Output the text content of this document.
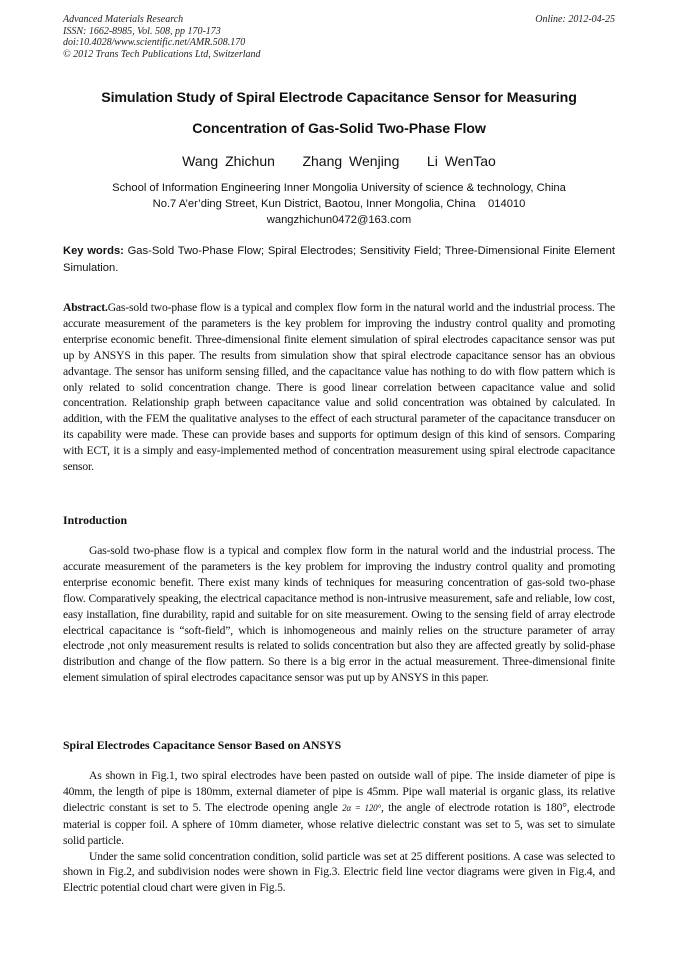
Advanced Materials Research
ISSN: 1662-8985, Vol. 508, pp 170-173
doi:10.4028/www.scientific.net/AMR.508.170
© 2012 Trans Tech Publications Ltd, Switzerland
Online: 2012-04-25
Simulation Study of Spiral Electrode Capacitance Sensor for Measuring
Concentration of Gas-Solid Two-Phase Flow
Wang Zhichun    Zhang Wenjing    Li WenTao
School of Information Engineering Inner Mongolia University of science & technology, China
No.7 A’er’ding Street, Kun District, Baotou, Inner Mongolia, China    014010
wangzhichun0472@163.com
Key words: Gas-Sold Two-Phase Flow; Spiral Electrodes; Sensitivity Field; Three-Dimensional Finite Element Simulation.
Abstract.Gas-sold two-phase flow is a typical and complex flow form in the natural world and the industrial process. The accurate measurement of the parameters is the key problem for improving the industry control quality and promoting enterprise economic benefit. Three-dimensional finite element simulation of spiral electrodes capacitance sensor was put up by ANSYS in this paper. The results from simulation show that spiral electrode capacitance sensor has an obvious advantage. The sensor has uniform sensing filled, and the capacitance value has nothing to do with flow pattern which is only related to solid concentration change. There is good linear correlation between capacitance value and solid concentration. Relationship graph between capacitance value and solid concentration was obtained by calculated. In addition, with the FEM the qualitative analyses to the effect of each structural parameter of the capacitance transducer on its capability were made. These can provide bases and supports for optimum design of this kind of sensors. Comparing with ECT, it is a simply and easy-implemented method of concentration measurement using spiral electrode capacitance sensor.
Introduction

Gas-sold two-phase flow is a typical and complex flow form in the natural world and the industrial process. The accurate measurement of the parameters is the key problem for improving the industry control quality and promoting enterprise economic benefit. There exist many kinds of techniques for measuring concentration of gas-sold two-phase flow. Comparatively speaking, the electrical capacitance method is non-intrusive measurement, safe and reliable, low cost, easy installation, fine durability, rapid and suitable for on site measurement. Owing to the sensing field of array electrode electrical capacitance is “soft-field”, which is inhomogeneous and mainly relies on the structure parameter of array electrode ,not only measurement results is related to solids concentration but also they are affected greatly by solid-phase distribution and change of the flow pattern. So there is a big error in the actual measurement. Three-dimensional finite element simulation of spiral electrodes capacitance sensor was put up by ANSYS in this paper.

Spiral Electrodes Capacitance Sensor Based on ANSYS

As shown in Fig.1, two spiral electrodes have been pasted on outside wall of pipe. The inside diameter of pipe is 40mm, the length of pipe is 180mm, external diameter of pipe is 45mm. Pipe wall material is organic glass, its relative dielectric constant is set to 5. The electrode opening angle 2α = 120°, the angle of electrode rotation is 180°, electrode material is copper foil. A sphere of 10mm diameter, whose relative dielectric constant was set to 5, was set to simulate solid particle.

Under the same solid concentration condition, solid particle was set at 25 different positions. A case was selected to shown in Fig.2, and subdivision nodes were shown in Fig.3. Electric field line vector diagrams were given in Fig.4, and Electric potential cloud chart were given in Fig.5.
